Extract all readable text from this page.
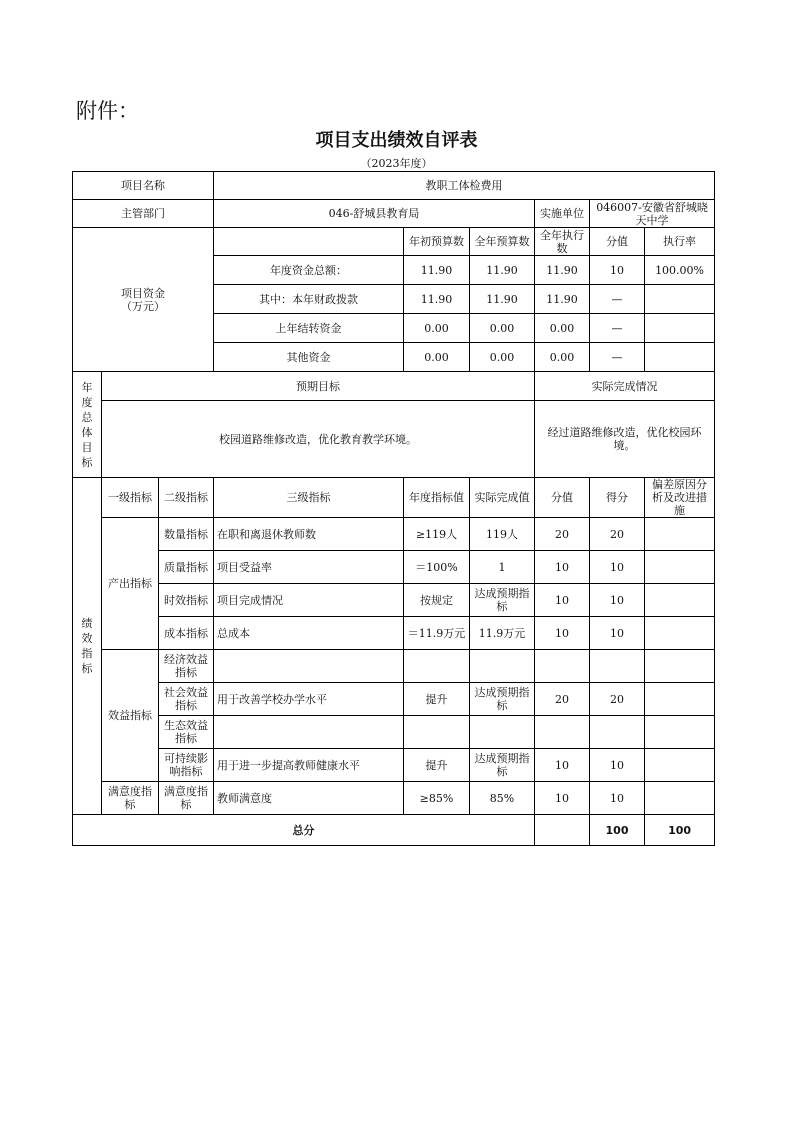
附件：
项目支出绩效自评表
（2023年度）
项目名称			教职工体检费用						
主管部门			046-舒城县教育局			实施单位	046007-安徽省舒城晓天中学		
项目资金
（万元）				年初预算数	全年预算数	全年执行数	分值	执行率	
			年度资金总额：	11.90	11.90	11.90	10	100.00%	
			其中：本年财政拨款	11.90	11.90	11.90	—		
			上年结转资金	0.00	0.00	0.00	—		
			其他资金	0.00	0.00	0.00	—		
年度总体目标	预期目标					实际完成情况			
	校园道路维修改造，优化教育教学环境。					经过道路维修改造，优化校园环境。			
绩效指标	一级指标	二级指标	三级指标	年度指标值	实际完成值	分值	得分	偏差原因分析及改进措施	
	产出指标	数量指标	在职和离退休教师数	≥119人	119人	20	20		
		质量指标	项目受益率	＝100%	1	10	10		
		时效指标	项目完成情况	按规定	达成预期指标	10	10		
		成本指标	总成本	＝11.9万元	11.9万元	10	10		
	效益指标	经济效益指标							
		社会效益指标	用于改善学校办学水平	提升	达成预期指标	20	20		
		生态效益指标							
		可持续影响指标	用于进一步提高教师健康水平	提升	达成预期指标	10	10		
	满意度指标	满意度指标	教师满意度	≥85%	85%	10	10		
总分							100	100	
